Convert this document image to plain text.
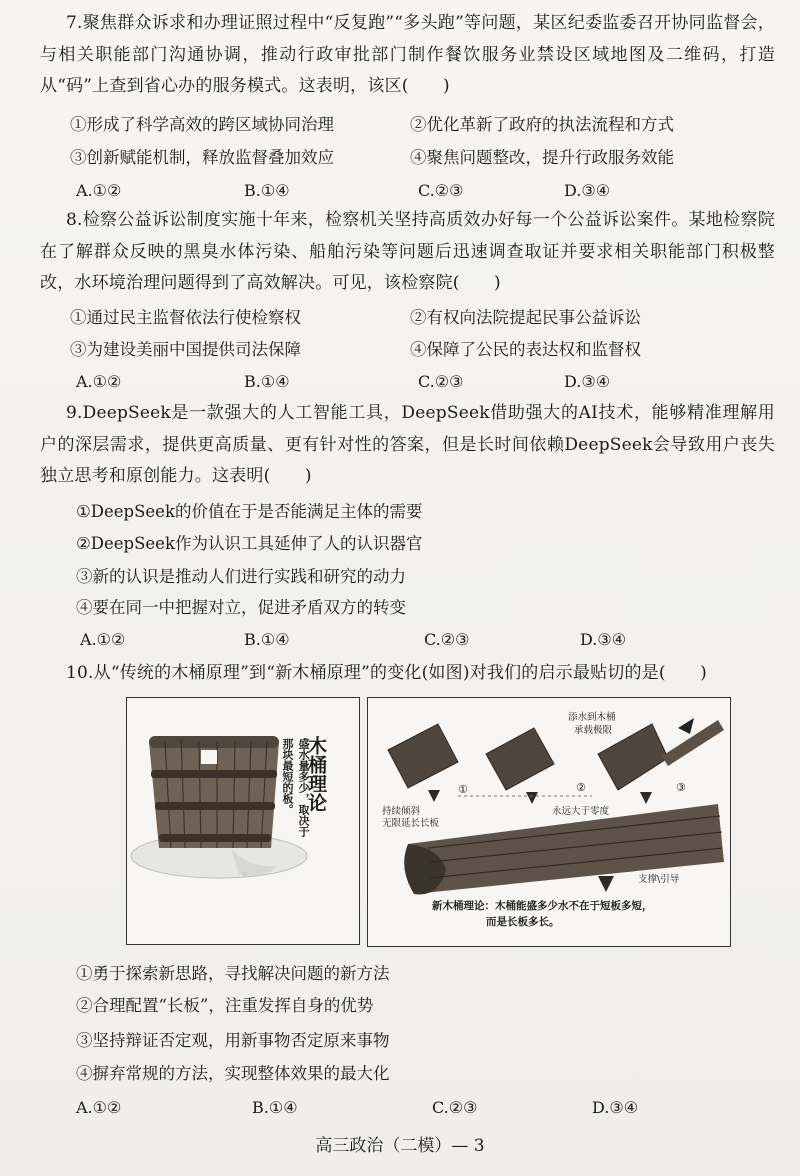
7.聚焦群众诉求和办理证照过程中“反复跑”“多头跑”等问题，某区纪委监委召开协同监督会，与相关职能部门沟通协调，推动行政审批部门制作餐饮服务业禁设区域地图及二维码，打造从“码”上查到省心办的服务模式。这表明，该区(　　)
①形成了科学高效的跨区域协同治理	②优化革新了政府的执法流程和方式
③创新赋能机制，释放监督叠加效应	④聚焦问题整改，提升行政服务效能
A.①②	B.①④	C.②③	D.③④
8.检察公益诉讼制度实施十年来，检察机关坚持高质效办好每一个公益诉讼案件。某地检察院在了解群众反映的黑臭水体污染、船舶污染等问题后迅速调查取证并要求相关职能部门积极整改，水环境治理问题得到了高效解决。可见，该检察院(　　)
①通过民主监督依法行使检察权	②有权向法院提起民事公益诉讼
③为建设美丽中国提供司法保障	④保障了公民的表达权和监督权
A.①②	B.①④	C.②③	D.③④
9.DeepSeek是一款强大的人工智能工具，DeepSeek借助强大的AI技术，能够精准理解用户的深层需求，提供更高质量、更有针对性的答案，但是长时间依赖DeepSeek会导致用户丧失独立思考和原创能力。这表明(　　)
①DeepSeek的价值在于是否能满足主体的需要
②DeepSeek作为认识工具延伸了人的认识器官
③新的认识是推动人们进行实践和研究的动力
④要在同一中把握对立，促进矛盾双方的转变
A.①②	B.①④	C.②③	D.③④
10.从“传统的木桶原理”到“新木桶原理”的变化(如图)对我们的启示最贴切的是(　　)
木桶理论
盛水量多少，取决于
那块最短的板。
添水到木桶
承载极限
①	②	③
持续倾斜
无限延长长板
永远大于零度
支撑\引导
新木桶理论：木桶能盛多少水不在于短板多短，
而是长板多长。
①勇于探索新思路，寻找解决问题的新方法
②合理配置“长板”，注重发挥自身的优势
③坚持辩证否定观，用新事物否定原来事物
④摒弃常规的方法，实现整体效果的最大化
A.①②	B.①④	C.②③	D.③④
高三政治（二模）— 3
